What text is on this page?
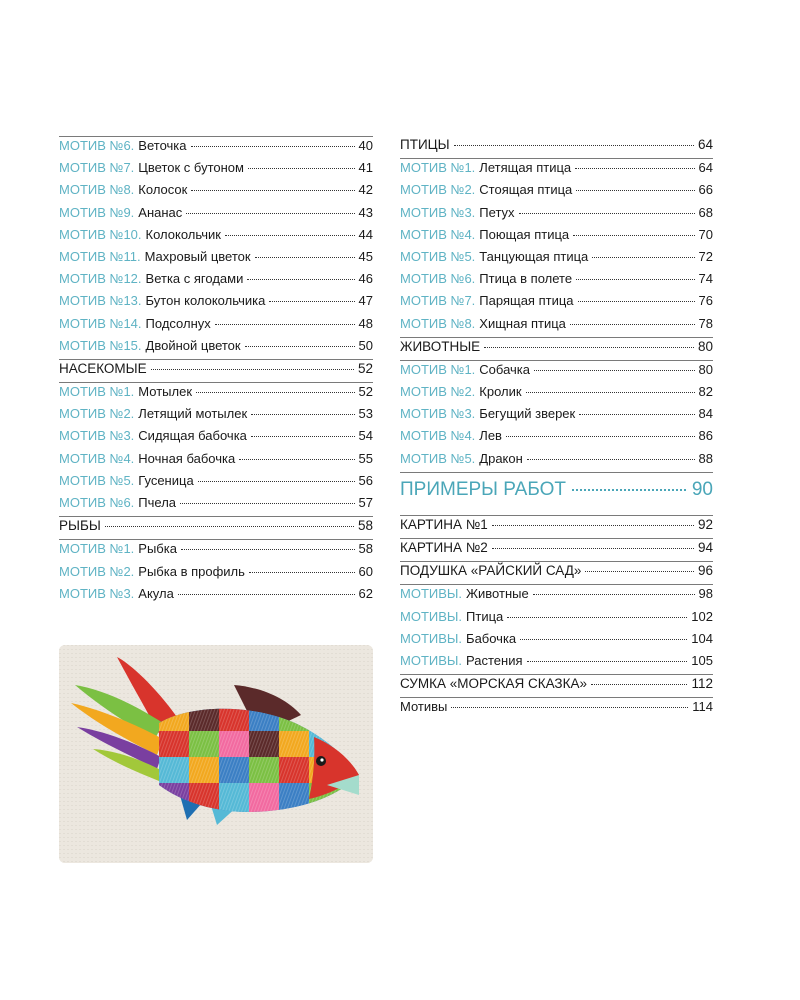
МОТИВ №6. Веточка	40
МОТИВ №7. Цветок с бутоном	41
МОТИВ №8. Колосок	42
МОТИВ №9. Ананас	43
МОТИВ №10. Колокольчик	44
МОТИВ №11. Махровый цветок	45
МОТИВ №12. Ветка с ягодами	46
МОТИВ №13. Бутон колокольчика	47
МОТИВ №14. Подсолнух	48
МОТИВ №15. Двойной цветок	50
НАСЕКОМЫЕ	52
МОТИВ №1. Мотылек	52
МОТИВ №2. Летящий мотылек	53
МОТИВ №3. Сидящая бабочка	54
МОТИВ №4. Ночная бабочка	55
МОТИВ №5. Гусеница	56
МОТИВ №6. Пчела	57
РЫБЫ	58
МОТИВ №1. Рыбка	58
МОТИВ №2. Рыбка в профиль	60
МОТИВ №3. Акула	62
ПТИЦЫ	64
МОТИВ №1. Летящая птица	64
МОТИВ №2. Стоящая птица	66
МОТИВ №3. Петух	68
МОТИВ №4. Поющая птица	70
МОТИВ №5. Танцующая птица	72
МОТИВ №6. Птица в полете	74
МОТИВ №7. Парящая птица	76
МОТИВ №8. Хищная птица	78
ЖИВОТНЫЕ	80
МОТИВ №1. Собачка	80
МОТИВ №2. Кролик	82
МОТИВ №3. Бегущий зверек	84
МОТИВ №4. Лев	86
МОТИВ №5. Дракон	88
ПРИМЕРЫ РАБОТ	90
КАРТИНА №1	92
КАРТИНА №2	94
ПОДУШКА «РАЙСКИЙ САД»	96
МОТИВЫ. Животные	98
МОТИВЫ. Птица	102
МОТИВЫ. Бабочка	104
МОТИВЫ. Растения	105
СУМКА «МОРСКАЯ СКАЗКА»	112
Мотивы	114
